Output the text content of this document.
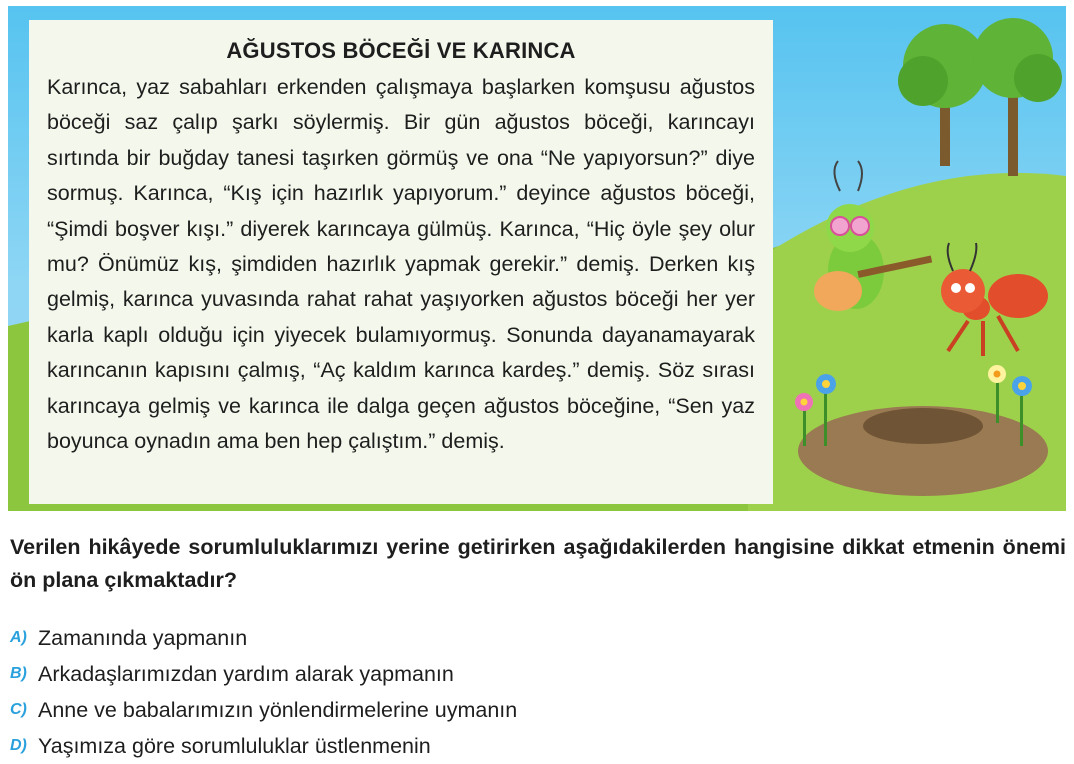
AĞUSTOS BÖCEĞİ VE KARINCA

Karınca, yaz sabahları erkenden çalışmaya başlarken komşusu ağustos böceği saz çalıp şarkı söylermiş. Bir gün ağustos böceği, karıncayı sırtında bir buğday tanesi taşırken görmüş ve ona “Ne yapıyorsun?” diye sormuş. Karınca, “Kış için hazırlık yapıyorum.” deyince ağustos böceği, “Şimdi boşver kışı.” diyerek karıncaya gülmüş. Karınca, “Hiç öyle şey olur mu? Önümüz kış, şimdiden hazırlık yapmak gerekir.” demiş. Derken kış gelmiş, karınca yuvasında rahat rahat yaşıyorken ağustos böceği her yer karla kaplı olduğu için yiyecek bulamıyormuş. Sonunda dayanamayarak karıncanın kapısını çalmış, “Aç kaldım karınca kardeş.” demiş. Söz sırası karıncaya gelmiş ve karınca ile dalga geçen ağustos böceğine, “Sen yaz boyunca oynadın ama ben hep çalıştım.” demiş.

Verilen hikâyede sorumluluklarımızı yerine getirirken aşağıdakilerden hangisine dikkat etmenin önemi ön plana çıkmaktadır?

A) Zamanında yapmanın
B) Arkadaşlarımızdan yardım alarak yapmanın
C) Anne ve babalarımızın yönlendirmelerine uymanın
D) Yaşımıza göre sorumluluklar üstlenmenin
